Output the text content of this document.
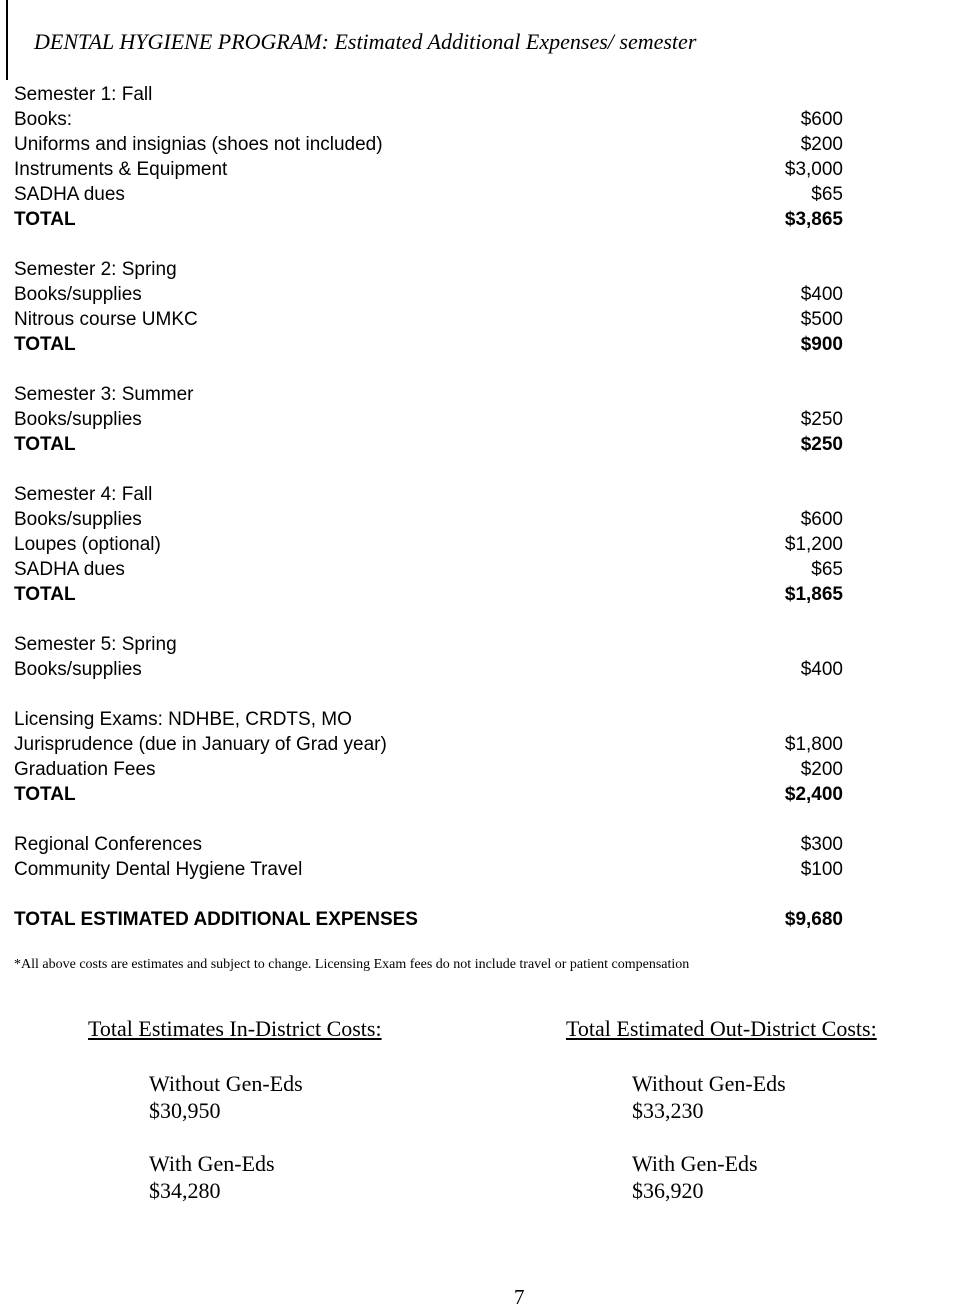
DENTAL HYGIENE PROGRAM: Estimated Additional Expenses/ semester
Semester 1: Fall
Books:	$600
Uniforms and insignias (shoes not included)	$200
Instruments & Equipment	$3,000
SADHA dues	$65
TOTAL	$3,865
Semester 2: Spring
Books/supplies	$400
Nitrous course UMKC	$500
TOTAL	$900
Semester 3: Summer
Books/supplies	$250
TOTAL	$250
Semester 4: Fall
Books/supplies	$600
Loupes (optional)	$1,200
SADHA dues	$65
TOTAL	$1,865
Semester 5: Spring
Books/supplies	$400
Licensing Exams: NDHBE, CRDTS, MO
Jurisprudence (due in January of Grad year)	$1,800
Graduation Fees	$200
TOTAL	$2,400
Regional Conferences	$300
Community Dental Hygiene Travel	$100
TOTAL ESTIMATED ADDITIONAL EXPENSES	$9,680
*All above costs are estimates and subject to change. Licensing Exam fees do not include travel or patient compensation
Total Estimates In-District Costs:
Without Gen-Eds
$30,950
With Gen-Eds
$34,280
Total Estimated Out-District Costs:
Without Gen-Eds
$33,230
With Gen-Eds
$36,920
7
